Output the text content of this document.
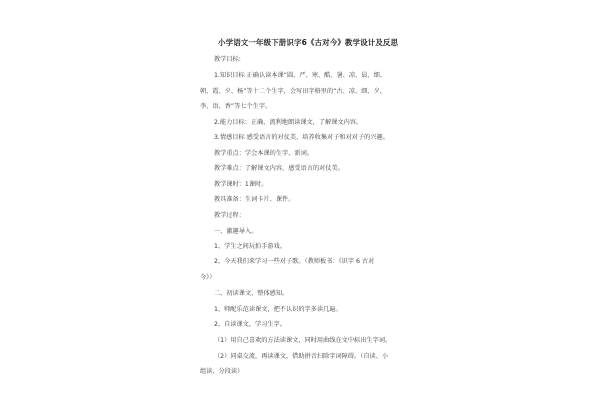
小学语文一年级下册识字6《古对今》教学设计及反思
教学目标:
1.知识目标 正确认读本课“圆、严、寒、酷、暑、凉、晨、细、
朝、霞、夕、杨”等十二个生字，会写田字格里的“古、凉、细、夕、
李、语、香”等七个生字。
2.能力目标：正确、流利地朗读课文，了解课文内容。
3.情感目标 感受语言的对仗美，培养收集对子和对对子的兴趣。
教学重点：学会本课的生字、新词。
教学难点：了解课文内容，感受语言的对仗美。
教学课时：1课时。
教具准备：生词卡片、课件。
教学过程：
一、激趣导入。
1、学生之间玩拍手游戏。
2、今天我们来学习一些对子歌。（教师板书：《识字 6 古对
今》）
二、初读课文，整体感知。
1、师配乐范读课文，把不认识的字多读几遍。
2、自读课文，学习生字。
（1）用自己喜欢的方法读课文，同时用曲线在文中标出生字词。
（2）同桌交流，再读课文，借助拼音扫除字词障碍。（自读、小
组读、分段读）
